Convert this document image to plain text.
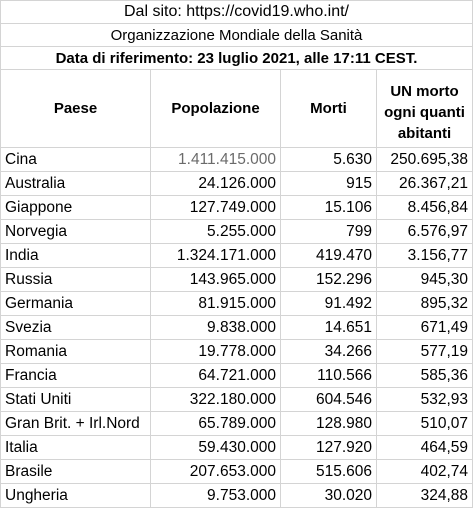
Dal sito: https://covid19.who.int/			
Organizzazione Mondiale della Sanità			
Data di riferimento: 23 luglio 2021, alle 17:11 CEST.			
Paese	Popolazione	Morti	UN morto ogni quanti abitanti
Cina	1.411.415.000	5.630	250.695,38
Australia	24.126.000	915	26.367,21
Giappone	127.749.000	15.106	8.456,84
Norvegia	5.255.000	799	6.576,97
India	1.324.171.000	419.470	3.156,77
Russia	143.965.000	152.296	945,30
Germania	81.915.000	91.492	895,32
Svezia	9.838.000	14.651	671,49
Romania	19.778.000	34.266	577,19
Francia	64.721.000	110.566	585,36
Stati Uniti	322.180.000	604.546	532,93
Gran Brit. + Irl.Nord	65.789.000	128.980	510,07
Italia	59.430.000	127.920	464,59
Brasile	207.653.000	515.606	402,74
Ungheria	9.753.000	30.020	324,88
